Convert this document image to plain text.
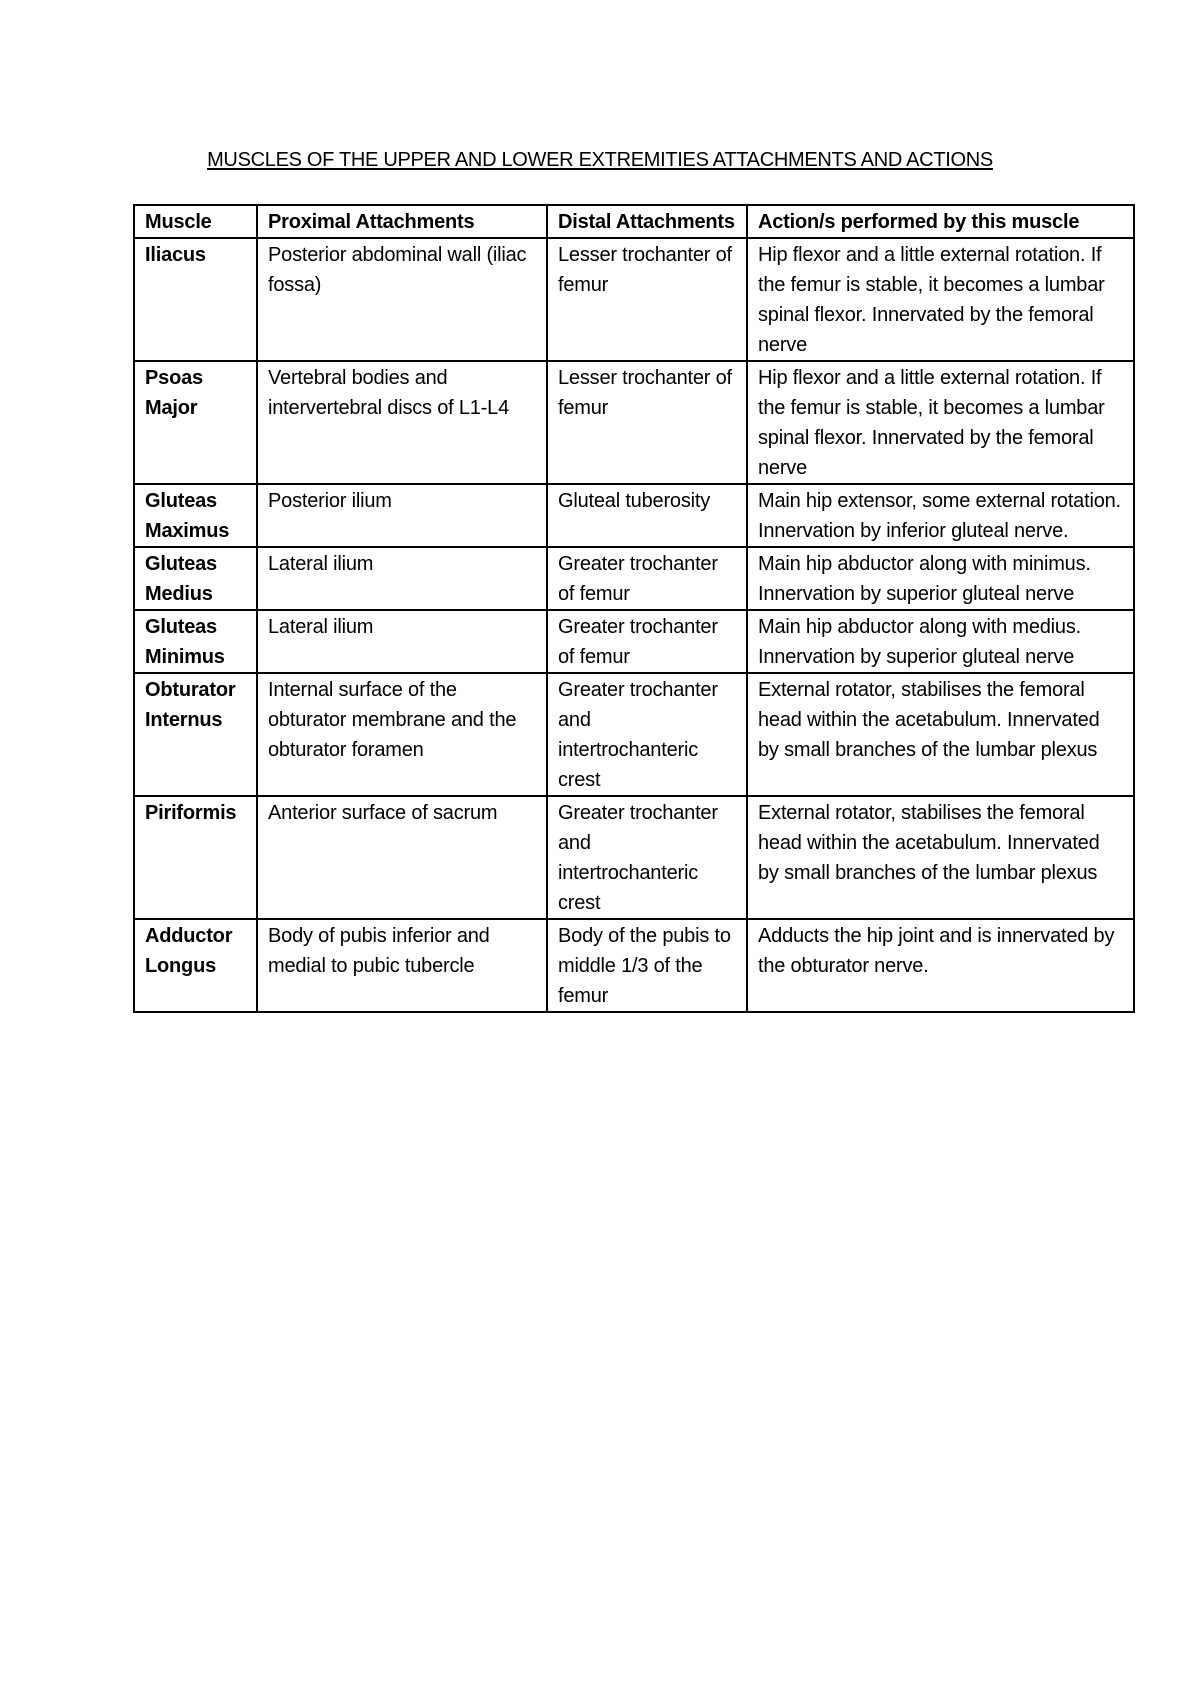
MUSCLES OF THE UPPER AND LOWER EXTREMITIES ATTACHMENTS AND ACTIONS
Muscle	Proximal Attachments	Distal Attachments	Action/s performed by this muscle
Iliacus	Posterior abdominal wall (iliac fossa)	Lesser trochanter of femur	Hip flexor and a little external rotation. If the femur is stable, it becomes a lumbar spinal flexor. Innervated by the femoral nerve
Psoas Major	Vertebral bodies and intervertebral discs of L1-L4	Lesser trochanter of femur	Hip flexor and a little external rotation. If the femur is stable, it becomes a lumbar spinal flexor. Innervated by the femoral nerve
Gluteas Maximus	Posterior ilium	Gluteal tuberosity	Main hip extensor, some external rotation. Innervation by inferior gluteal nerve.
Gluteas Medius	Lateral ilium	Greater trochanter of femur	Main hip abductor along with minimus. Innervation by superior gluteal nerve
Gluteas Minimus	Lateral ilium	Greater trochanter of femur	Main hip abductor along with medius. Innervation by superior gluteal nerve
Obturator Internus	Internal surface of the obturator membrane and the obturator foramen	Greater trochanter and intertrochanteric crest	External rotator, stabilises the femoral head within the acetabulum. Innervated by small branches of the lumbar plexus
Piriformis	Anterior surface of sacrum	Greater trochanter and intertrochanteric crest	External rotator, stabilises the femoral head within the acetabulum. Innervated by small branches of the lumbar plexus
Adductor Longus	Body of pubis inferior and medial to pubic tubercle	Body of the pubis to middle 1/3 of the femur	Adducts the hip joint and is innervated by the obturator nerve.
